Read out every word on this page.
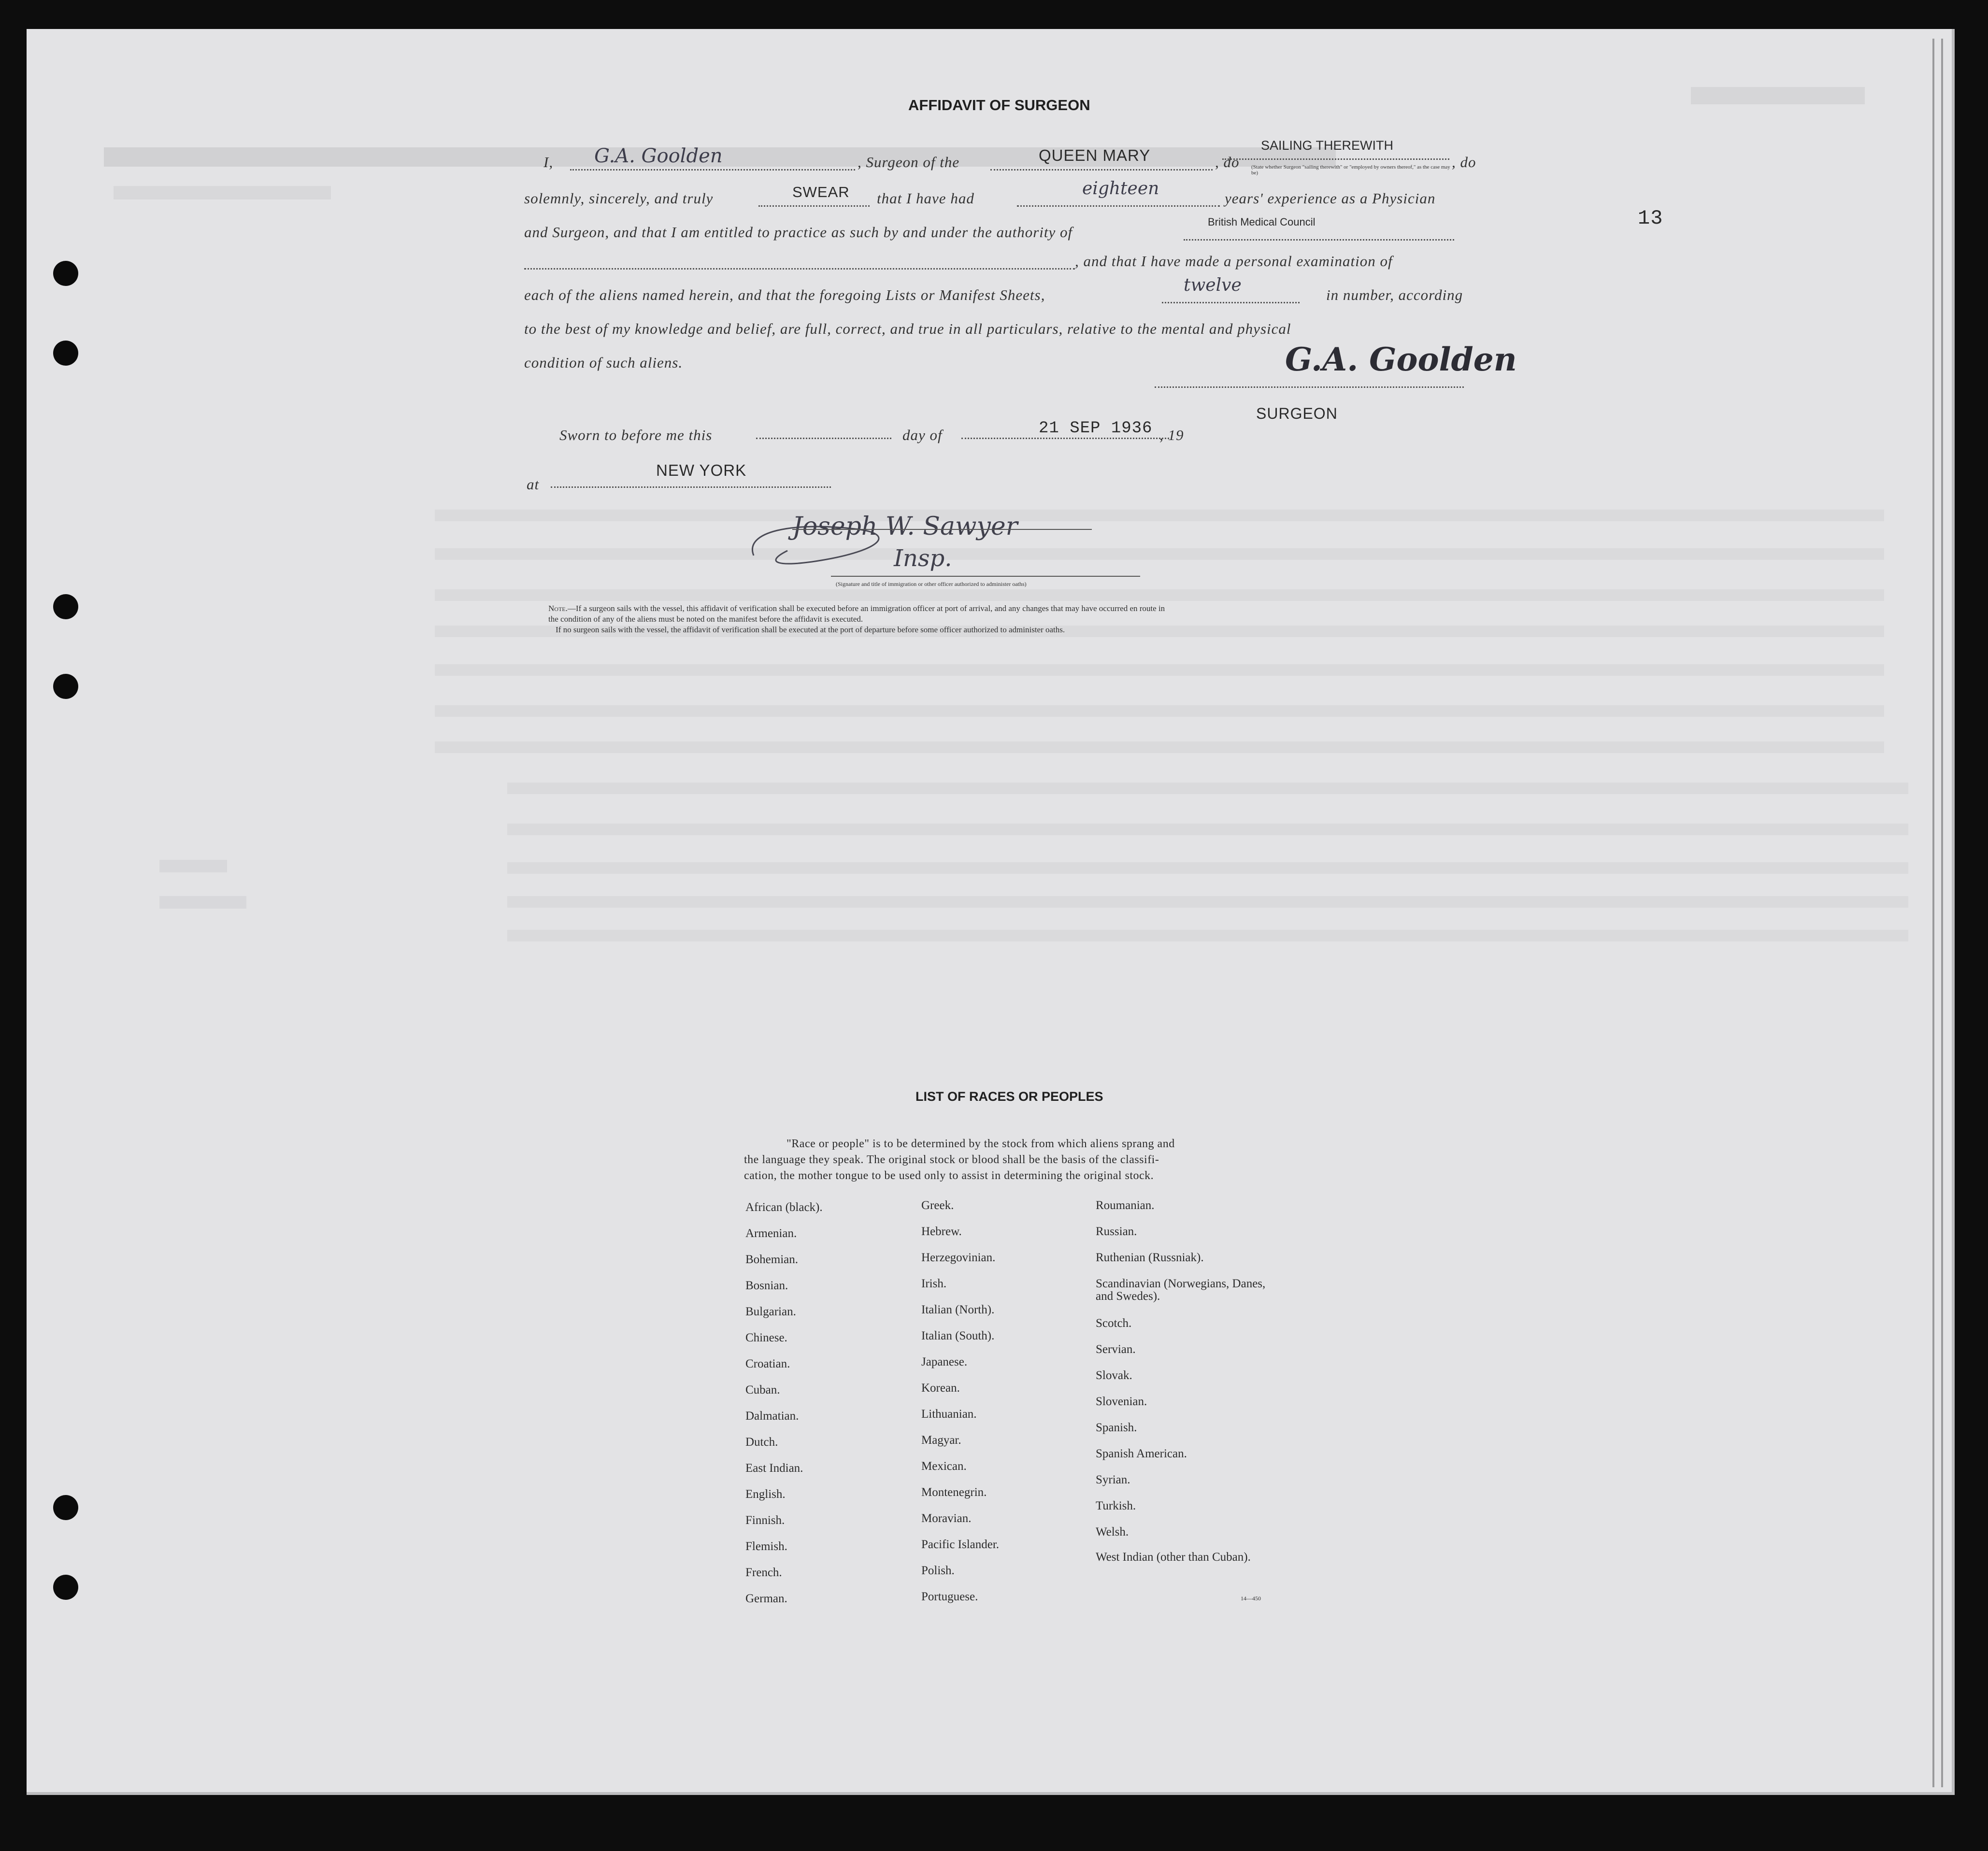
13
AFFIDAVIT OF SURGEON
I, G.A. Goolden	, Surgeon of the	QUEEN MARY	, do
SAILING THEREWITH
(State whether Surgeon "sailing therewith" or "employed by owners thereof," as the case may be)
, do
solemnly, sincerely, and truly	SWEAR that I have had	eighteen	years' experience as a Physician
and Surgeon, and that I am entitled to practice as such by and under the authority of
British Medical Council
, and that I have made a personal examination of
each of the aliens named herein, and that the foregoing Lists or Manifest Sheets,	twelve	in number, according
to the best of my knowledge and belief, are full, correct, and true in all particulars, relative to the mental and physical
condition of such aliens.	G.A. Goolden
SURGEON
Sworn to before me this	day of	21 SEP 1936 , 19
at
NEW YORK
Joseph W. Sawyer
Insp.
(Signature and title of immigration or other officer authorized to administer oaths)
Note.—If a surgeon sails with the vessel, this affidavit of verification shall be executed before an immigration officer at port of arrival, and any changes that may have occurred en route in
the condition of any of the aliens must be noted on the manifest before the affidavit is executed.
If no surgeon sails with the vessel, the affidavit of verification shall be executed at the port of departure before some officer authorized to administer oaths.
LIST OF RACES OR PEOPLES
"Race or people" is to be determined by the stock from which aliens sprang and
the language they speak. The original stock or blood shall be the basis of the classifi-
cation, the mother tongue to be used only to assist in determining the original stock.
African (black).
Armenian.
Bohemian.
Bosnian.
Bulgarian.
Chinese.
Croatian.
Cuban.
Dalmatian.
Dutch.
East Indian.
English.
Finnish.
Flemish.
French.
German.
Greek.
Hebrew.
Herzegovinian.
Irish.
Italian (North).
Italian (South).
Japanese.
Korean.
Lithuanian.
Magyar.
Mexican.
Montenegrin.
Moravian.
Pacific Islander.
Polish.
Portuguese.
Roumanian.
Russian.
Ruthenian (Russniak).
Scandinavian (Norwegians, Danes, and Swedes).
Scotch.
Servian.
Slovak.
Slovenian.
Spanish.
Spanish American.
Syrian.
Turkish.
Welsh.
West Indian (other than Cuban).
14—450
